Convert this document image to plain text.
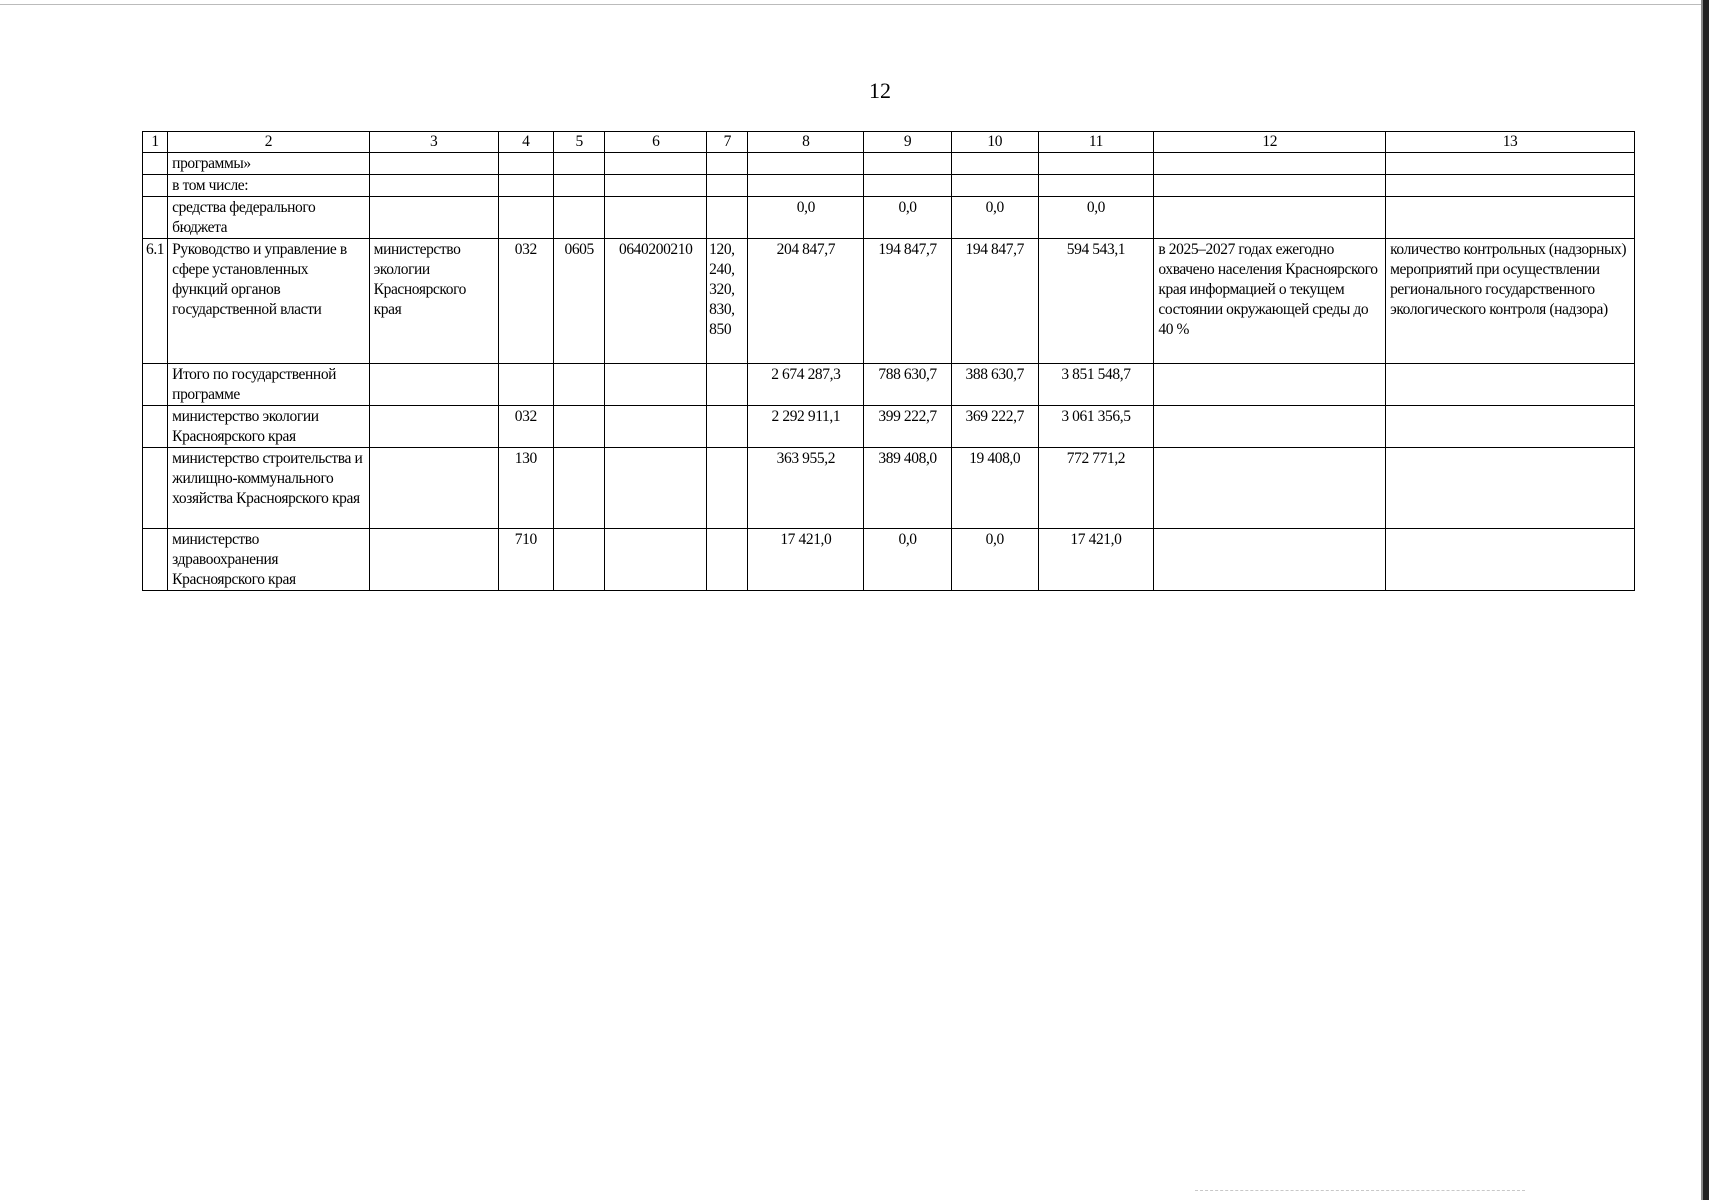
12
1	2	3	4	5	6	7	8	9	10	11	12	13
	программы»											
	в том числе:											
	средства федерального бюджета						0,0	0,0	0,0	0,0		
6.1	Руководство и управление в сфере установленных функций органов государственной власти	министерство экологии Красноярского края	032	0605	0640200210	120, 240, 320, 830, 850	204 847,7	194 847,7	194 847,7	594 543,1	в 2025–2027 годах ежегодно охвачено населения Красноярского края информацией о текущем состоянии окружающей среды до 40 %	количество контрольных (надзорных) мероприятий при осуществлении регионального государственного экологического контроля (надзора)
	Итого по государственной программе						2 674 287,3	788 630,7	388 630,7	3 851 548,7		
	министерство экологии Красноярского края		032				2 292 911,1	399 222,7	369 222,7	3 061 356,5		
	министерство строительства и жилищно-коммунального хозяйства Красноярского края		130				363 955,2	389 408,0	19 408,0	772 771,2		
	министерство здравоохранения Красноярского края		710				17 421,0	0,0	0,0	17 421,0		
